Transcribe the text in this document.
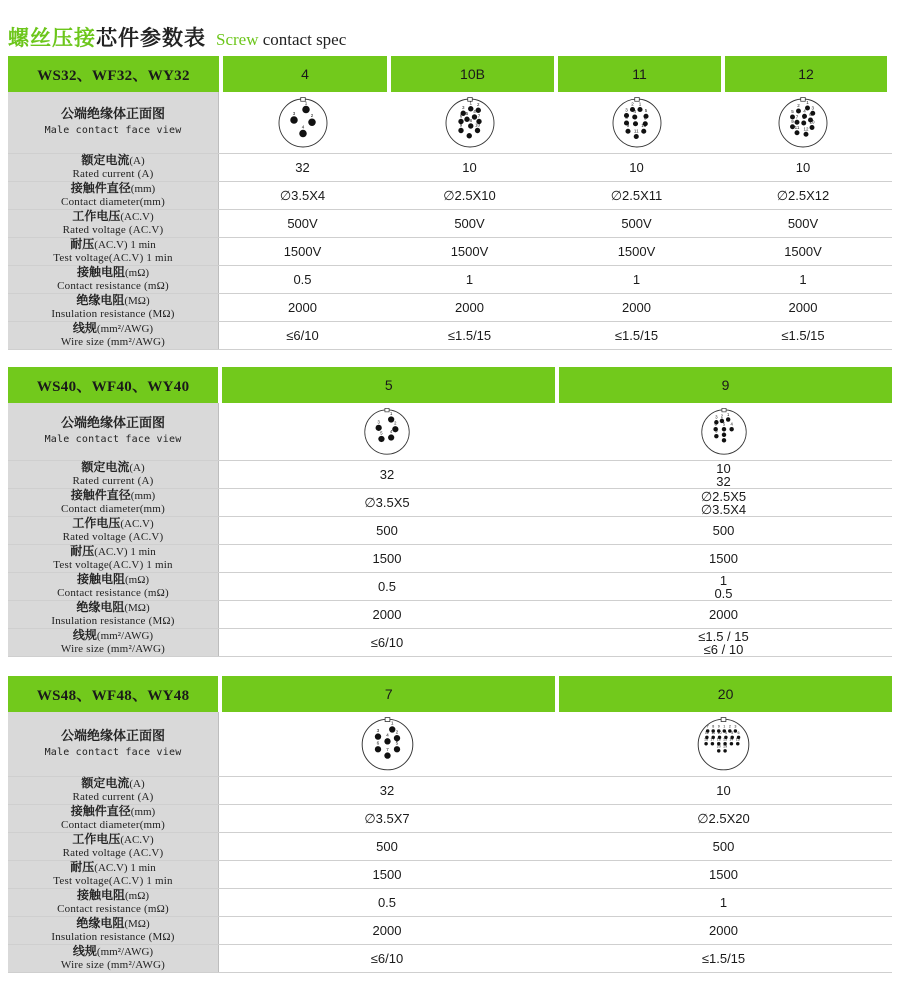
螺丝压接 芯件参数表 Screw contact spec
WS32、WF32、WY32	4	10B	11	12
公端绝缘体正面图
Male contact face view
1
3	2
4
1 2
3
4
5
6	7
8
9 10
2 1
3 4 5
6 7 8
9 10
11
1
2 3
4
5
6
7 8
9	10
11 12
额定电流(A)
Rated current (A)	32	10	10	10
接触件直径(mm)
Contact diameter(mm)	∅3.5X4	∅2.5X10	∅2.5X11	∅2.5X12
工作电压(AC.V)
Rated voltage (AC.V)	500V	500V	500V	500V
耐压(AC.V) 1 min
Test voltage(AC.V) 1 min	1500V	1500V	1500V	1500V
接触电阻(mΩ)
Contact resistance (mΩ)	0.5	1	1	1
绝缘电阻(MΩ)
Insulation resistance (MΩ)	2000	2000	2000	2000
线规(mm²/AWG)
Wire size (mm²/AWG)	≤6/10	≤1.5/15	≤1.5/15	≤1.5/15
WS40、WF40、WY40	5	9
公端绝缘体正面图
Male contact face view
1
2
3
4
5
1
2
3
4
5
6
7
8
9
额定电流(A)
Rated current (A)	32	10
32
接触件直径(mm)
Contact diameter(mm)	∅3.5X5	∅2.5X5
∅3.5X4
工作电压(AC.V)
Rated voltage (AC.V)	500	500
耐压(AC.V) 1 min
Test voltage(AC.V) 1 min	1500	1500
接触电阻(mΩ)
Contact resistance (mΩ)	0.5	1
0.5
绝缘电阻(MΩ)
Insulation resistance (MΩ)	2000	2000
线规(mm²/AWG)
Wire size (mm²/AWG)	≤6/10	≤1.5 / 15
≤6 / 10
WS48、WF48、WY48	7	20
公端绝缘体正面图
Male contact face view
1
2
3
4
5
6
7
7 8 9 1 2 3
12 11 10 4 5 6
18 17 16 15 14 13
20 19
额定电流(A)
Rated current (A)	32	10
接触件直径(mm)
Contact diameter(mm)	∅3.5X7	∅2.5X20
工作电压(AC.V)
Rated voltage (AC.V)	500	500
耐压(AC.V) 1 min
Test voltage(AC.V) 1 min	1500	1500
接触电阻(mΩ)
Contact resistance (mΩ)	0.5	1
绝缘电阻(MΩ)
Insulation resistance (MΩ)	2000	2000
线规(mm²/AWG)
Wire size (mm²/AWG)	≤6/10	≤1.5/15
